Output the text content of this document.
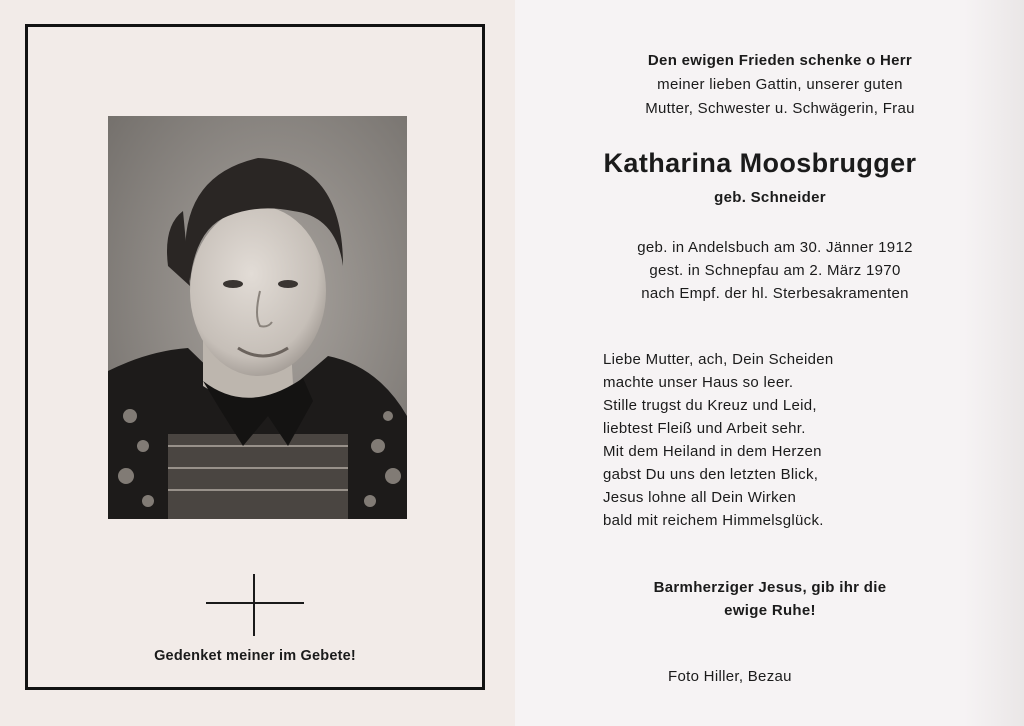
Gedenket meiner im Gebete!
Den ewigen Frieden schenke o Herr
meiner lieben Gattin, unserer guten
Mutter, Schwester u. Schwägerin, Frau
Katharina Moosbrugger
geb. Schneider
geb. in Andelsbuch am 30. Jänner 1912
gest. in Schnepfau am 2. März 1970
nach Empf. der hl. Sterbesakramenten
Liebe Mutter, ach, Dein Scheiden
machte unser Haus so leer.
Stille trugst du Kreuz und Leid,
liebtest Fleiß und Arbeit sehr.
Mit dem Heiland in dem Herzen
gabst Du uns den letzten Blick,
Jesus lohne all Dein Wirken
bald mit reichem Himmelsglück.
Barmherziger Jesus, gib ihr die
ewige Ruhe!
Foto Hiller, Bezau
